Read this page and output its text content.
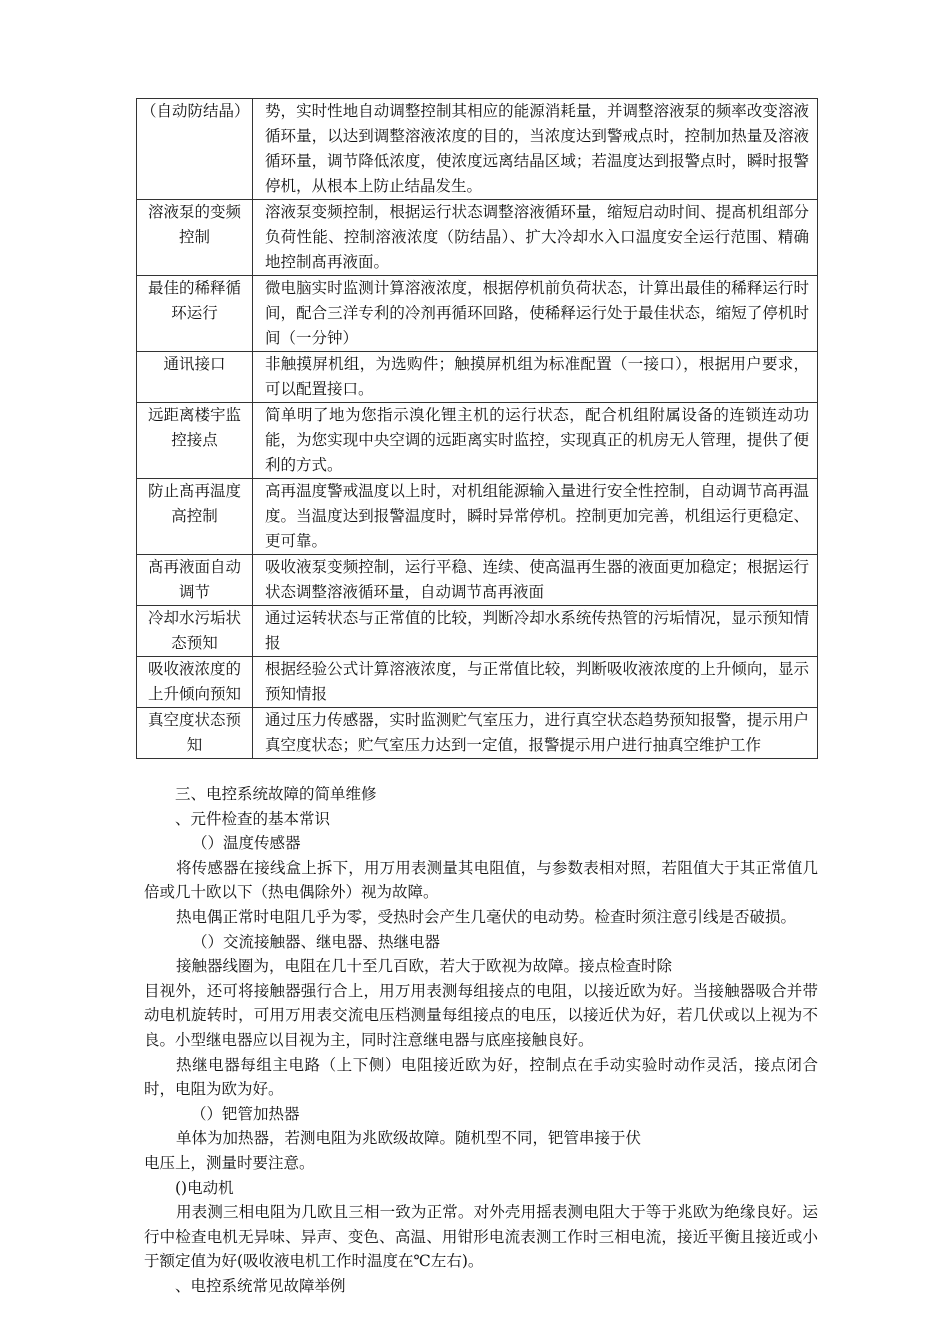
（自动防结晶）	势，实时性地自动调整控制其相应的能源消耗量，并调整溶液泵的频率改变溶液循环量，以达到调整溶液浓度的目的，当浓度达到警戒点时，控制加热量及溶液循环量，调节降低浓度，使浓度远离结晶区域；若温度达到报警点时，瞬时报警停机，从根本上防止结晶发生。
溶液泵的变频控制	溶液泵变频控制，根据运行状态调整溶液循环量，缩短启动时间、提髙机组部分负荷性能、控制溶液浓度（防结晶）、扩大冷却水入口温度安全运行范围、精确地控制髙再液面。
最佳的稀释循环运行	微电脑实时监测计算溶液浓度，根据停机前负荷状态，计算出最佳的稀释运行时间，配合三洋专利的冷剂再循环回路，使稀释运行处于最佳状态，缩短了停机时间（一分钟）
通讯接口	非触摸屏机组，为选购件；触摸屏机组为标准配置（一接口），根据用户要求，可以配置接口。
远距离楼宇监控接点	简单明了地为您指示溴化锂主机的运行状态，配合机组附属设备的连锁连动功能，为您实现中央空调的远距离实时监控，实现真正的机房无人管理，提供了便利的方式。
防止髙再温度高控制	高再温度警戒温度以上时，对机组能源输入量进行安全性控制，自动调节高再温度。当温度达到报警温度时，瞬时异常停机。控制更加完善，机组运行更稳定、更可靠。
髙再液面自动调节	吸收液泵变频控制，运行平稳、连续、使高温再生器的液面更加稳定；根据运行状态调整溶液循环量，自动调节髙再液面
冷却水污垢状态预知	通过运转状态与正常值的比较，判断冷却水系统传热管的污垢情况，显示预知情报
吸收液浓度的上升倾向预知	根据经验公式计算溶液浓度，与正常值比较，判断吸收液浓度的上升倾向，显示预知情报
真空度状态预知	通过压力传感器，实时监测贮气室压力，进行真空状态趋势预知报警，提示用户真空度状态；贮气室压力达到一定值，报警提示用户进行抽真空维护工作

三、电控系统故障的简单维修

、元件检查的基本常识

（）温度传感器

将传感器在接线盒上拆下，用万用表测量其电阻值，与参数表相对照，若阻值大于其正常值几倍或几十欧以下（热电偶除外）视为故障。

热电偶正常时电阻几乎为零，受热时会产生几毫伏的电动势。检查时须注意引线是否破损。

（）交流接触器、继电器、热继电器

接触器线圈为，电阻在几十至几百欧，若大于欧视为故障。接点检查时除

目视外，还可将接触器强行合上，用万用表测每组接点的电阻，以接近欧为好。当接触器吸合并带动电机旋转时，可用万用表交流电压档测量每组接点的电压，以接近伏为好，若几伏或以上视为不良。小型继电器应以目视为主，同时注意继电器与底座接触良好。

热继电器每组主电路（上下侧）电阻接近欧为好，控制点在手动实验时动作灵活，接点闭合时，电阻为欧为好。

（）钯管加热器

单体为加热器，若测电阻为兆欧级故障。随机型不同，钯管串接于伏

电压上，测量时要注意。

()电动机

用表测三相电阻为几欧且三相一致为正常。对外壳用摇表测电阻大于等于兆欧为绝缘良好。运行中检查电机无异味、异声、变色、高温、用钳形电流表测工作时三相电流，接近平衡且接近或小于额定值为好(吸收液电机工作时温度在℃左右)。

、电控系统常见故障举例
